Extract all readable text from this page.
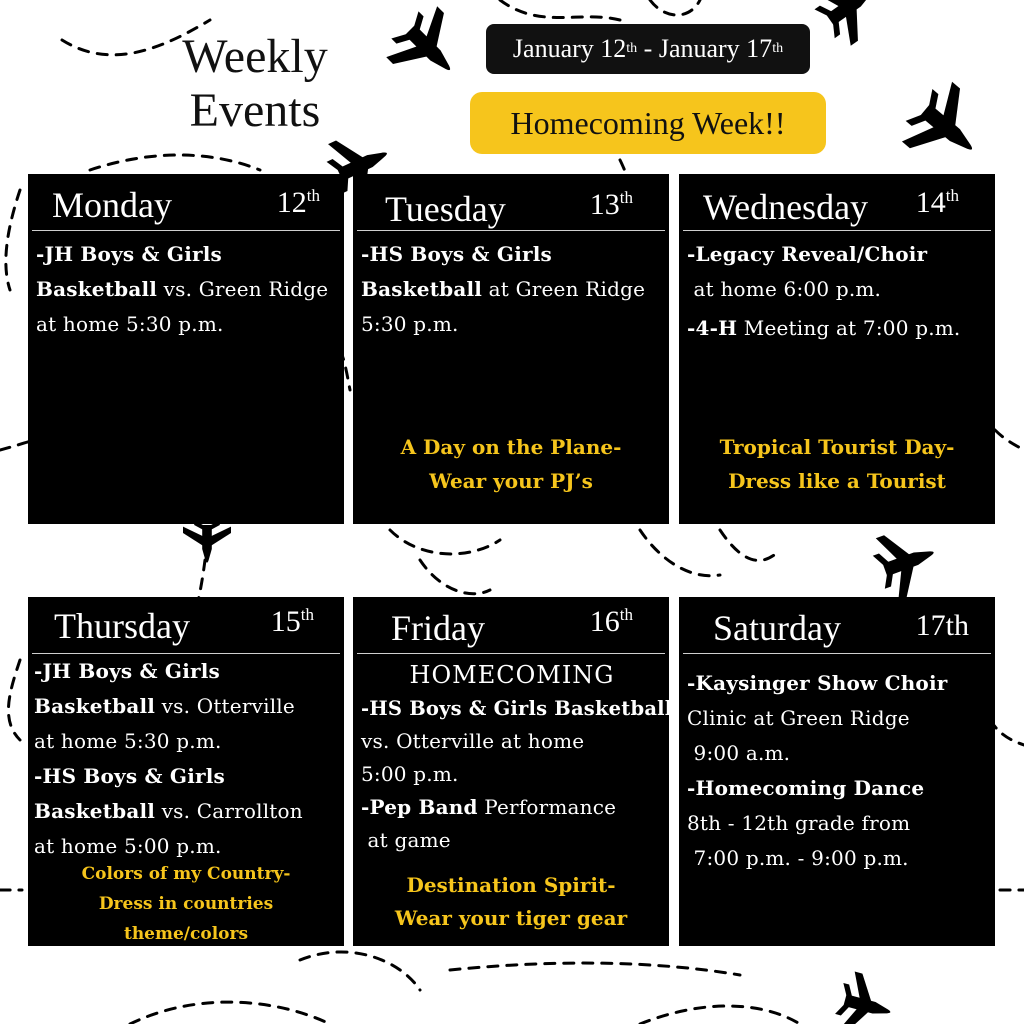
Weekly
Events
January 12 th - January 17 th
Homecoming Week!!
Monday	12th
-JH Boys & Girls
Basketball vs. Green Ridge
at home 5:30 p.m.
Tuesday	13th
-HS Boys & Girls
Basketball at Green Ridge
5:30 p.m.
A Day on the Plane-
Wear your PJ’s
Wednesday 14th
-Legacy Reveal/Choir
at home 6:00 p.m.
-4-H Meeting at 7:00 p.m.
Tropical Tourist Day-
Dress like a Tourist
Thursday	15th
-JH Boys & Girls
Basketball vs. Otterville
at home 5:30 p.m.
-HS Boys & Girls
Basketball vs. Carrollton
at home 5:00 p.m.
Colors of my Country-
Dress in countries
theme/colors
Friday	16th
HOMECOMING
-HS Boys & Girls Basketball
vs. Otterville at home
5:00 p.m.
-Pep Band Performance
at game
Destination Spirit-
Wear your tiger gear
Saturday 17th
-Kaysinger Show Choir
Clinic at Green Ridge
9:00 a.m.
-Homecoming Dance
8th - 12th grade from
7:00 p.m. - 9:00 p.m.
